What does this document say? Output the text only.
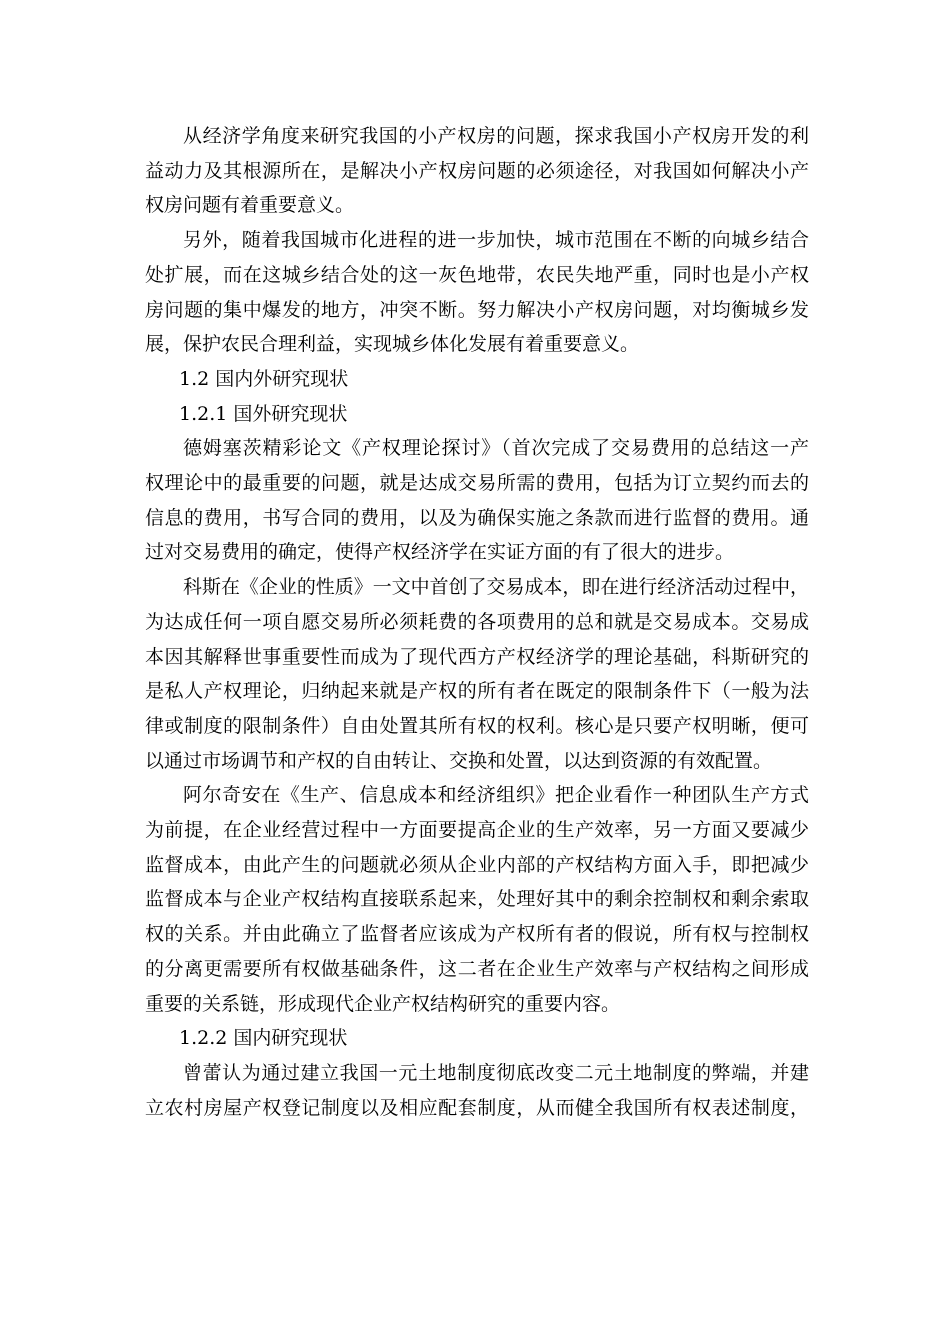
从经济学角度来研究我国的小产权房的问题，探求我国小产权房开发的利
益动力及其根源所在，是解决小产权房问题的必须途径，对我国如何解决小产
权房问题有着重要意义。
另外，随着我国城市化进程的进一步加快，城市范围在不断的向城乡结合
处扩展，而在这城乡结合处的这一灰色地带，农民失地严重，同时也是小产权
房问题的集中爆发的地方，冲突不断。努力解决小产权房问题，对均衡城乡发
展，保护农民合理利益，实现城乡体化发展有着重要意义。
1.2 国内外研究现状
1.2.1 国外研究现状
德姆塞茨精彩论文《产权理论探讨》（首次完成了交易费用的总结这一产
权理论中的最重要的问题，就是达成交易所需的费用，包括为订立契约而去的
信息的费用，书写合同的费用，以及为确保实施之条款而进行监督的费用。通
过对交易费用的确定，使得产权经济学在实证方面的有了很大的进步。
科斯在《企业的性质》一文中首创了交易成本，即在进行经济活动过程中，
为达成任何一项自愿交易所必须耗费的各项费用的总和就是交易成本。交易成
本因其解释世事重要性而成为了现代西方产权经济学的理论基础，科斯研究的
是私人产权理论，归纳起来就是产权的所有者在既定的限制条件下（一般为法
律或制度的限制条件）自由处置其所有权的权利。核心是只要产权明晰，便可
以通过市场调节和产权的自由转让、交换和处置，以达到资源的有效配置。
阿尔奇安在《生产、信息成本和经济组织》把企业看作一种团队生产方式
为前提，在企业经营过程中一方面要提高企业的生产效率，另一方面又要减少
监督成本，由此产生的问题就必须从企业内部的产权结构方面入手，即把减少
监督成本与企业产权结构直接联系起来，处理好其中的剩余控制权和剩余索取
权的关系。并由此确立了监督者应该成为产权所有者的假说，所有权与控制权
的分离更需要所有权做基础条件，这二者在企业生产效率与产权结构之间形成
重要的关系链，形成现代企业产权结构研究的重要内容。
1.2.2 国内研究现状
曾蕾认为通过建立我国一元土地制度彻底改变二元土地制度的弊端，并建
立农村房屋产权登记制度以及相应配套制度，从而健全我国所有权表述制度，
